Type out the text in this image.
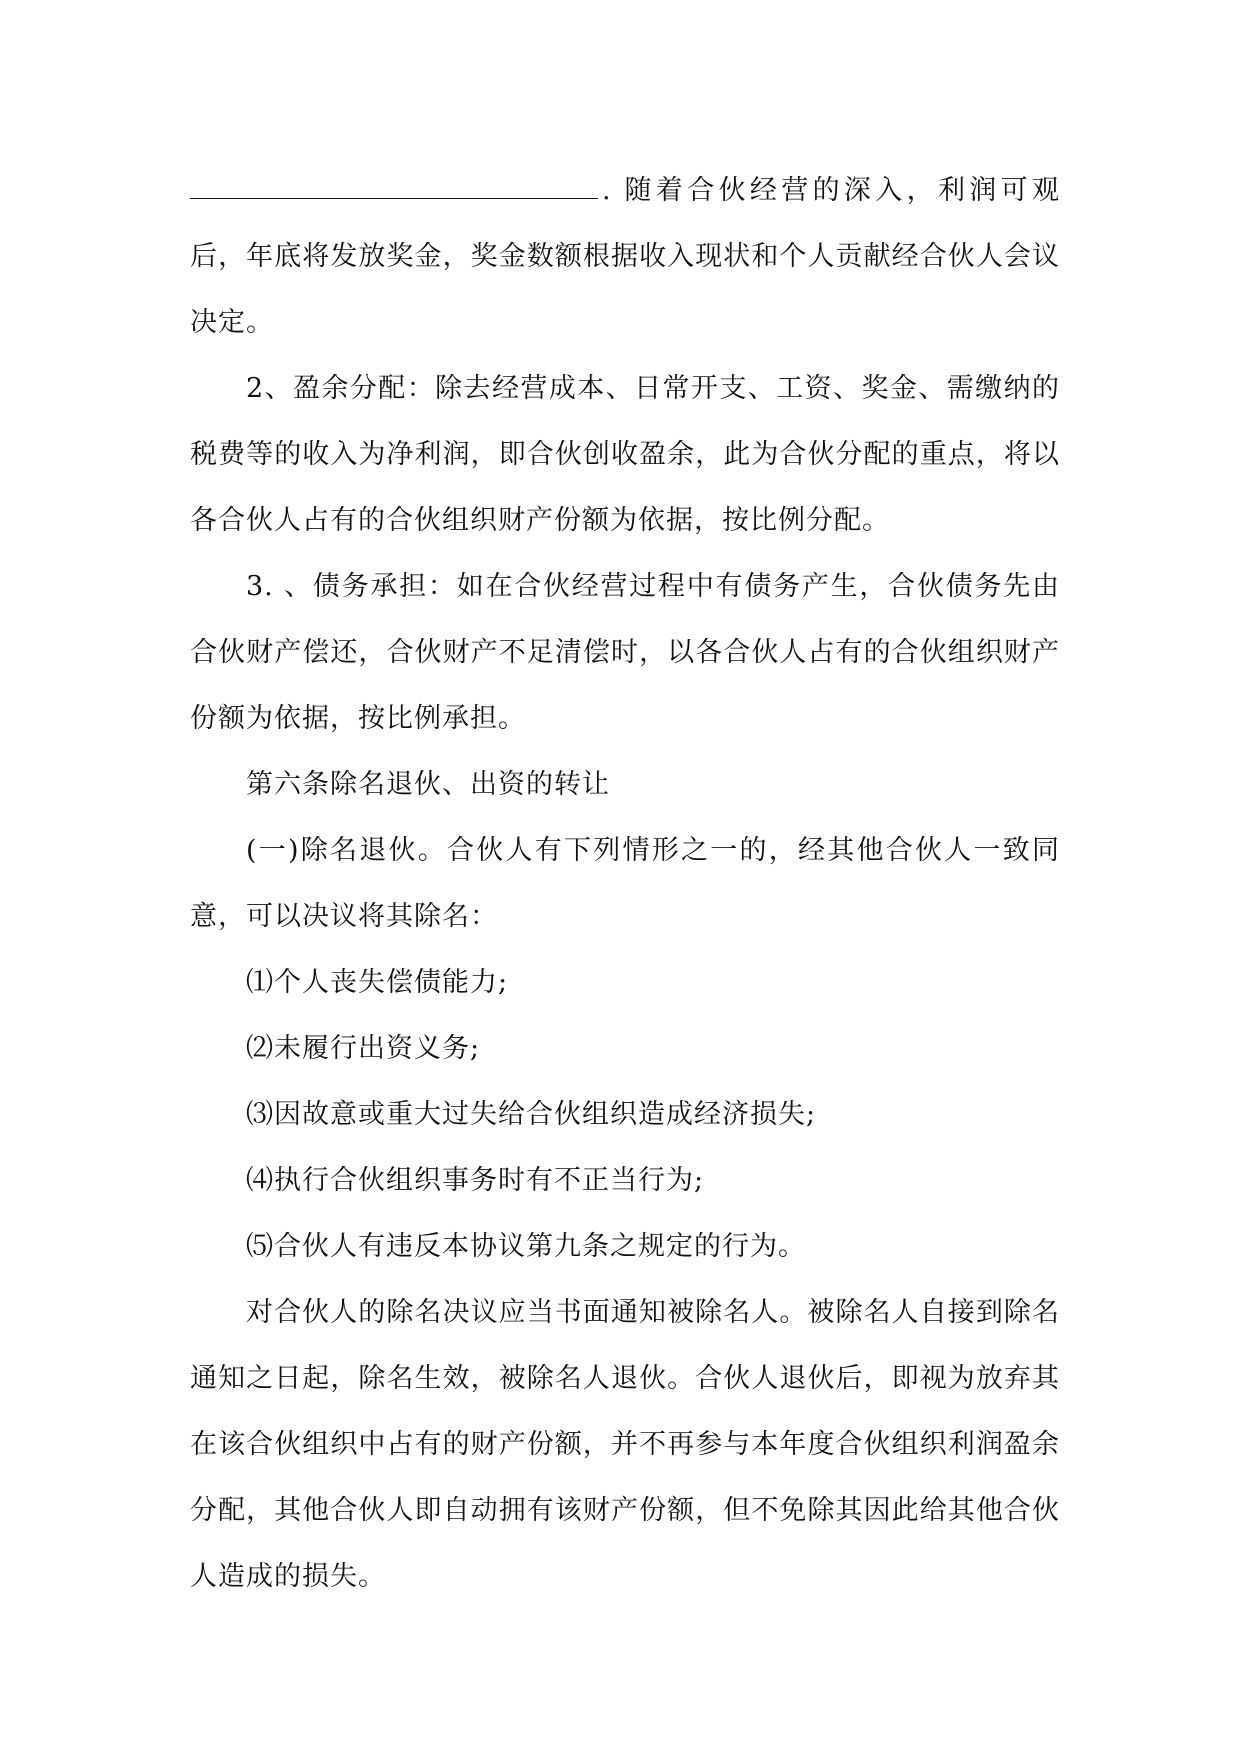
. 随着合伙经营的深入，利润可观后，年底将发放奖金，奖金数额根据收入现状和个人贡献经合伙人会议决定。

2、盈余分配：除去经营成本、日常开支、工资、奖金、需缴纳的税费等的收入为净利润，即合伙创收盈余，此为合伙分配的重点，将以各合伙人占有的合伙组织财产份额为依据，按比例分配。

3. 、债务承担：如在合伙经营过程中有债务产生，合伙债务先由合伙财产偿还，合伙财产不足清偿时，以各合伙人占有的合伙组织财产份额为依据，按比例承担。

第六条除名退伙、出资的转让

(一)除名退伙。合伙人有下列情形之一的，经其他合伙人一致同意，可以决议将其除名：

⑴个人丧失偿债能力;

⑵未履行出资义务;

⑶因故意或重大过失给合伙组织造成经济损失;

⑷执行合伙组织事务时有不正当行为;

⑸合伙人有违反本协议第九条之规定的行为。

对合伙人的除名决议应当书面通知被除名人。被除名人自接到除名通知之日起，除名生效，被除名人退伙。合伙人退伙后，即视为放弃其在该合伙组织中占有的财产份额，并不再参与本年度合伙组织利润盈余分配，其他合伙人即自动拥有该财产份额，但不免除其因此给其他合伙人造成的损失。
